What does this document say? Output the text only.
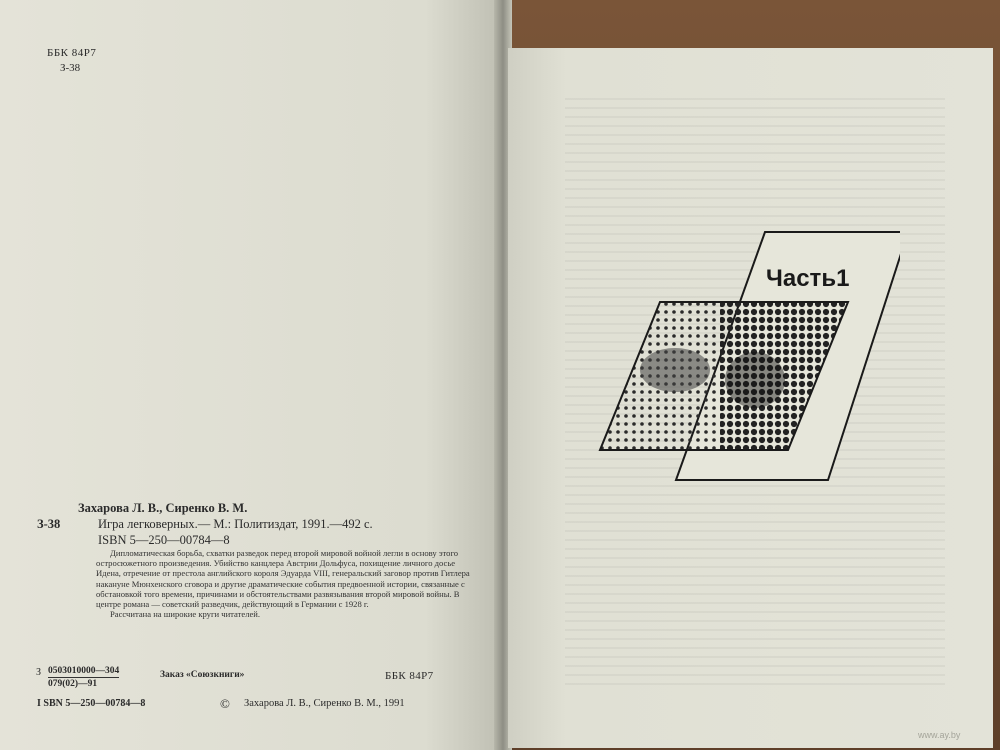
ББК 84Р7
З-38
Захарова Л. В., Сиренко В. М.
З-38	Игра легковерных.— М.: Политиздат, 1991.—492 с.
ISBN 5—250—00784—8

Дипломатическая борьба, схватки разведок перед второй мировой войной легли в основу этого остросюжетного произведения. Убийство канцлера Австрии Дольфуса, похищение личного досье Идена, отречение от престола английского короля Эдуарда VIII, генеральский заговор против Гитлера накануне Мюнхенского сговора и другие драматические события предвоенной истории, связанные с обстановкой того времени, причинами и обстоятельствами развязывания второй мировой войны. В центре романа — советский разведчик, действующий в Германии с 1928 г.

Рассчитана на широкие круги читателей.

З $\frac{0503010000—304}{079(02)—91}$	Заказ «Союзкниги»	ББК 84Р7
I SBN 5—250—00784—8	© Захарова Л. В., Сиренко В. М., 1991
Часть1
www.ay.by
